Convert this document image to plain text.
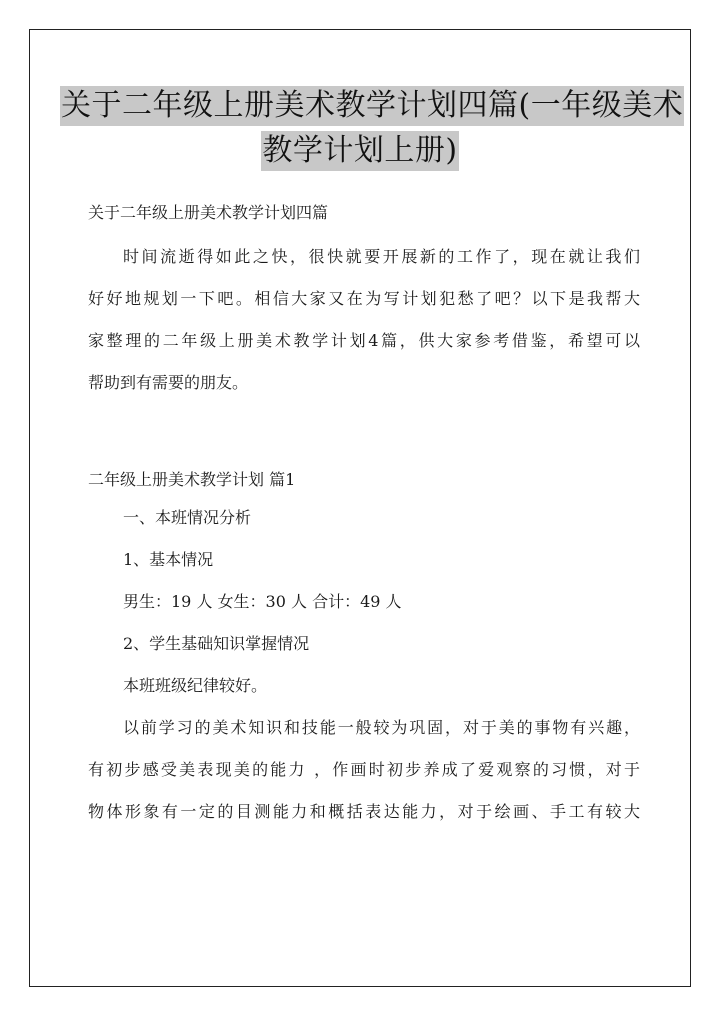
关于二年级上册美术教学计划四篇(一年级美术
教学计划上册)
关于二年级上册美术教学计划四篇
时间流逝得如此之快，很快就要开展新的工作了，现在就让我们
好好地规划一下吧。相信大家又在为写计划犯愁了吧？以下是我帮大
家整理的二年级上册美术教学计划4篇，供大家参考借鉴，希望可以
帮助到有需要的朋友。
二年级上册美术教学计划 篇1
一、本班情况分析
1、基本情况
男生：19 人 女生：30 人 合计：49 人
2、学生基础知识掌握情况
本班班级纪律较好。
以前学习的美术知识和技能一般较为巩固，对于美的事物有兴趣，
有初步感受美表现美的能力 ，作画时初步养成了爱观察的习惯，对于
物体形象有一定的目测能力和概括表达能力，对于绘画、手工有较大
